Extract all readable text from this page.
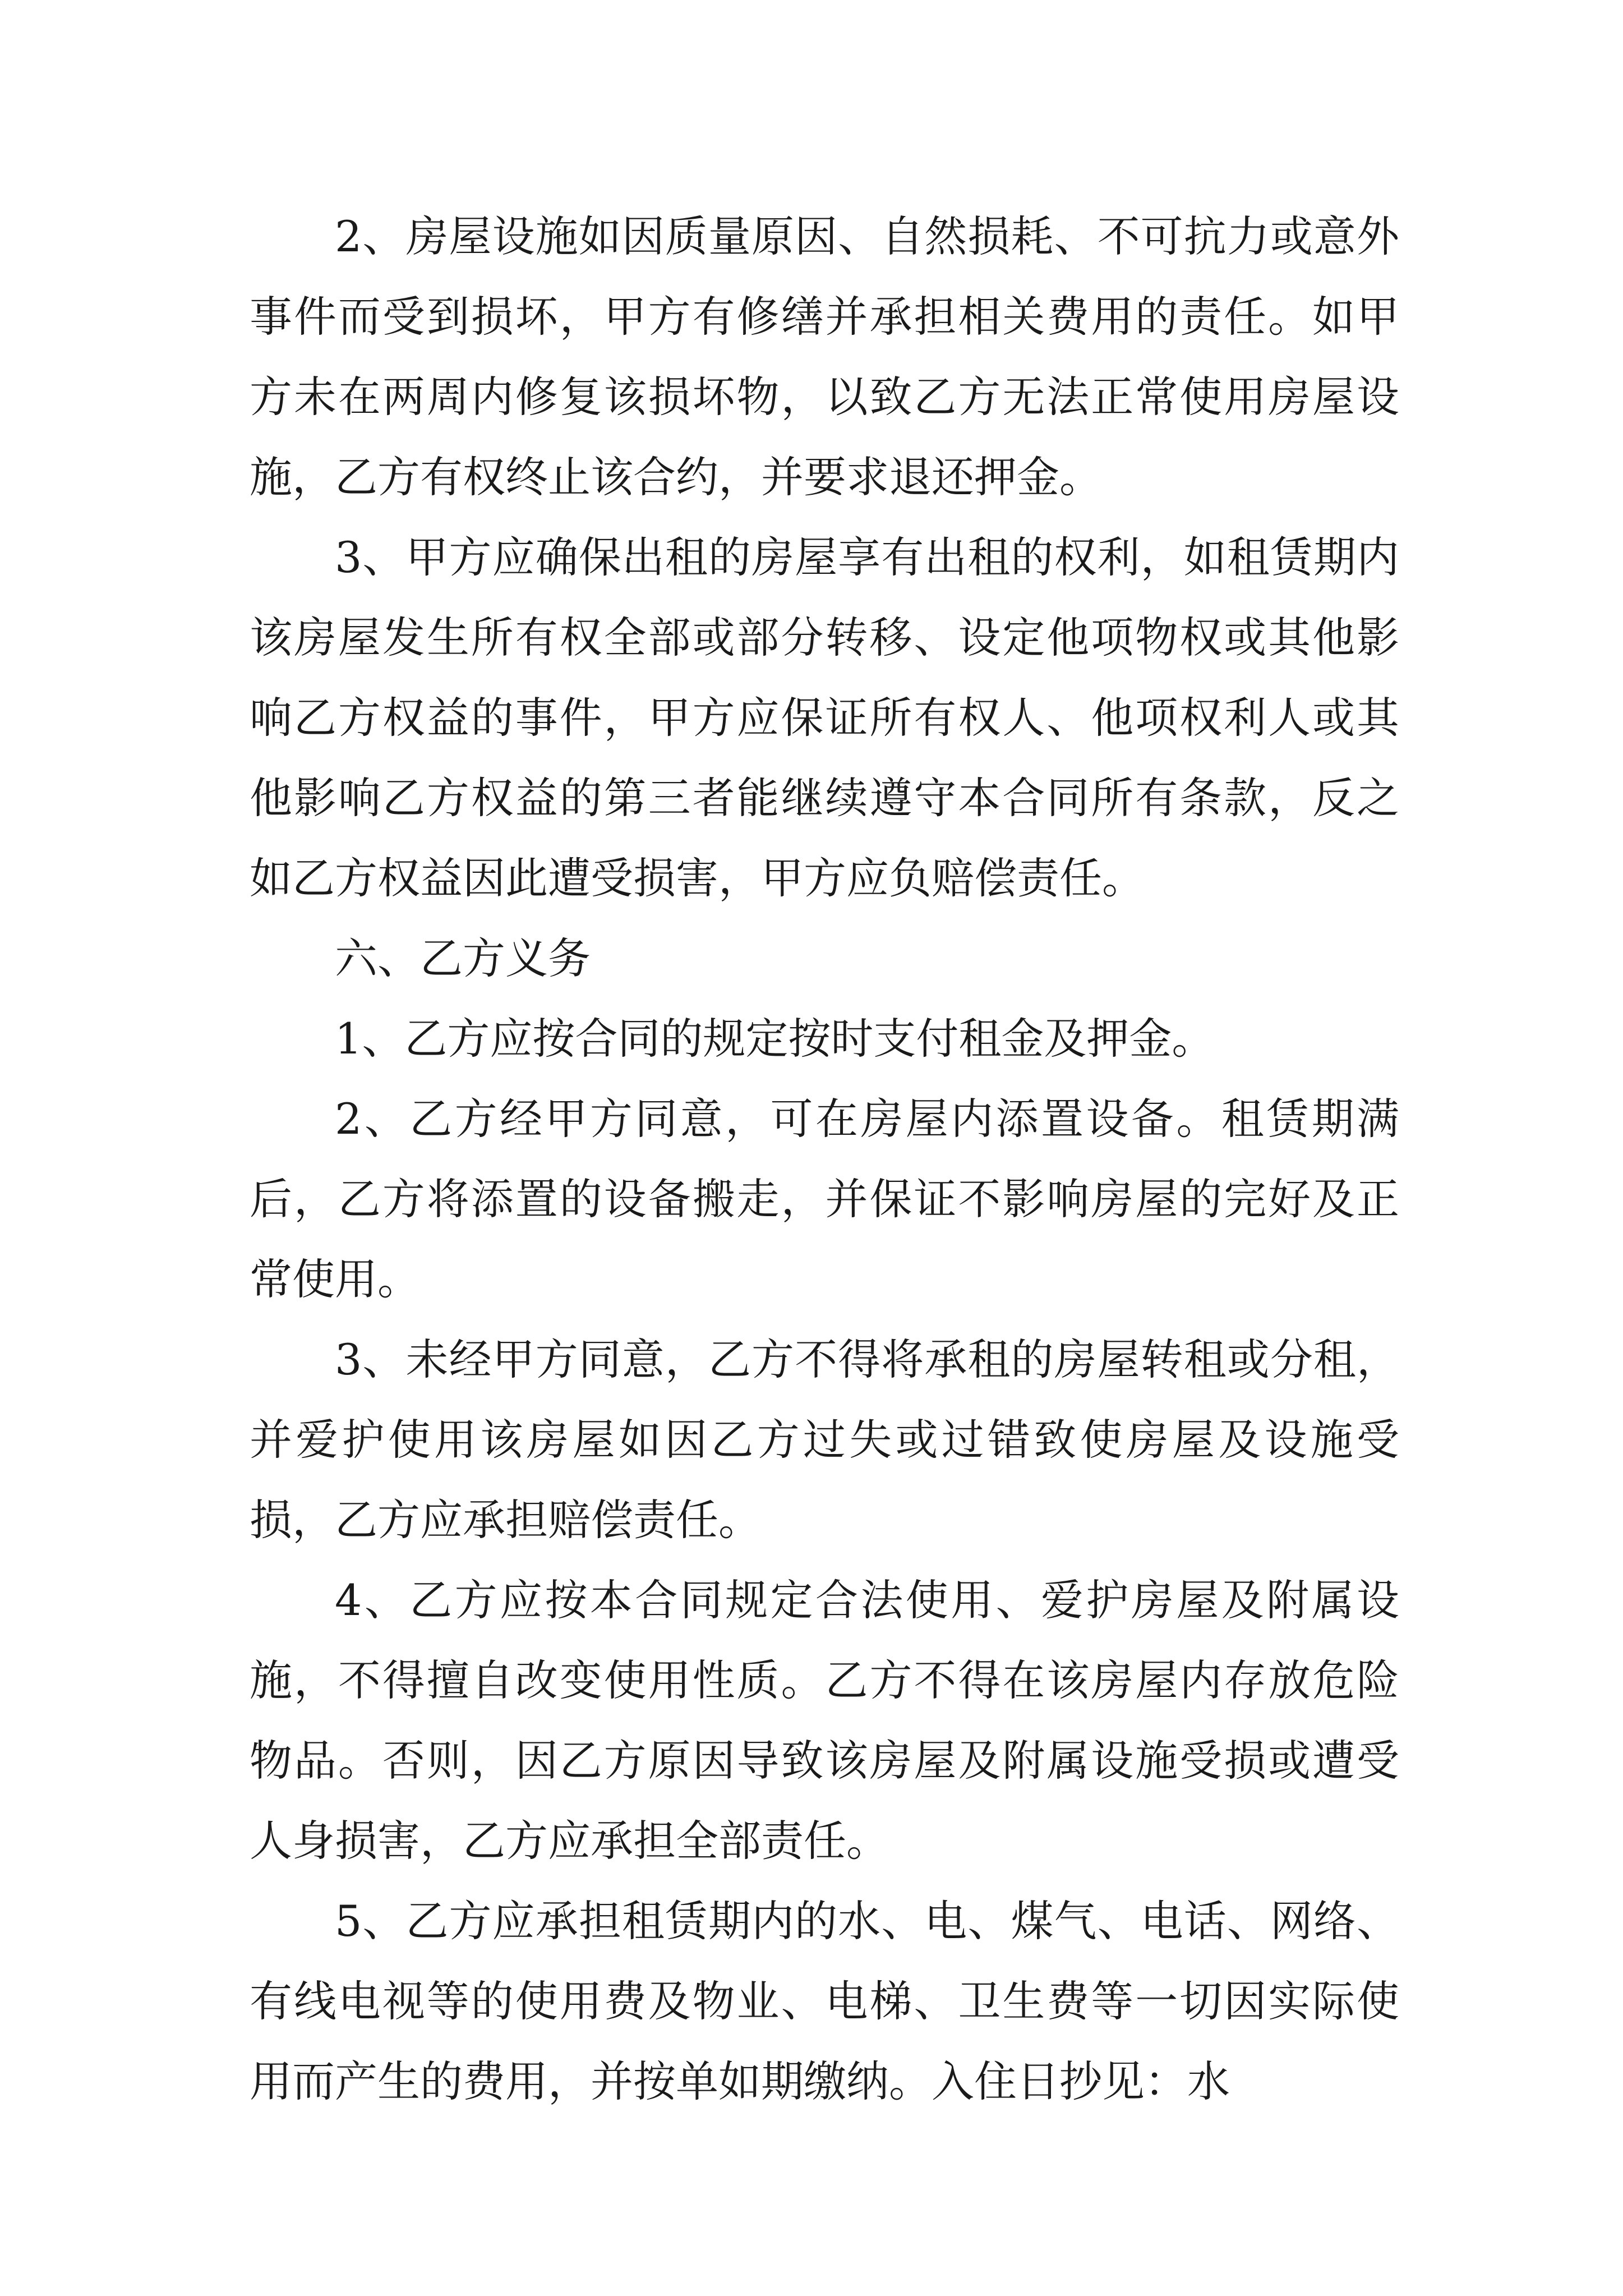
2、房屋设施如因质量原因、自然损耗、不可抗力或意外事件而受到损坏，甲方有修缮并承担相关费用的责任。如甲方未在两周内修复该损坏物，以致乙方无法正常使用房屋设施，乙方有权终止该合约，并要求退还押金。

3、甲方应确保出租的房屋享有出租的权利，如租赁期内该房屋发生所有权全部或部分转移、设定他项物权或其他影响乙方权益的事件，甲方应保证所有权人、他项权利人或其他影响乙方权益的第三者能继续遵守本合同所有条款，反之如乙方权益因此遭受损害，甲方应负赔偿责任。

六、乙方义务

1、乙方应按合同的规定按时支付租金及押金。

2、乙方经甲方同意，可在房屋内添置设备。租赁期满后，乙方将添置的设备搬走，并保证不影响房屋的完好及正常使用。

3、未经甲方同意，乙方不得将承租的房屋转租或分租，并爱护使用该房屋如因乙方过失或过错致使房屋及设施受损，乙方应承担赔偿责任。

4、乙方应按本合同规定合法使用、爱护房屋及附属设施，不得擅自改变使用性质。乙方不得在该房屋内存放危险物品。否则，因乙方原因导致该房屋及附属设施受损或遭受人身损害，乙方应承担全部责任。

5、乙方应承担租赁期内的水、电、煤气、电话、网络、有线电视等的使用费及物业、电梯、卫生费等一切因实际使用而产生的费用，并按单如期缴纳。入住日抄见：水
